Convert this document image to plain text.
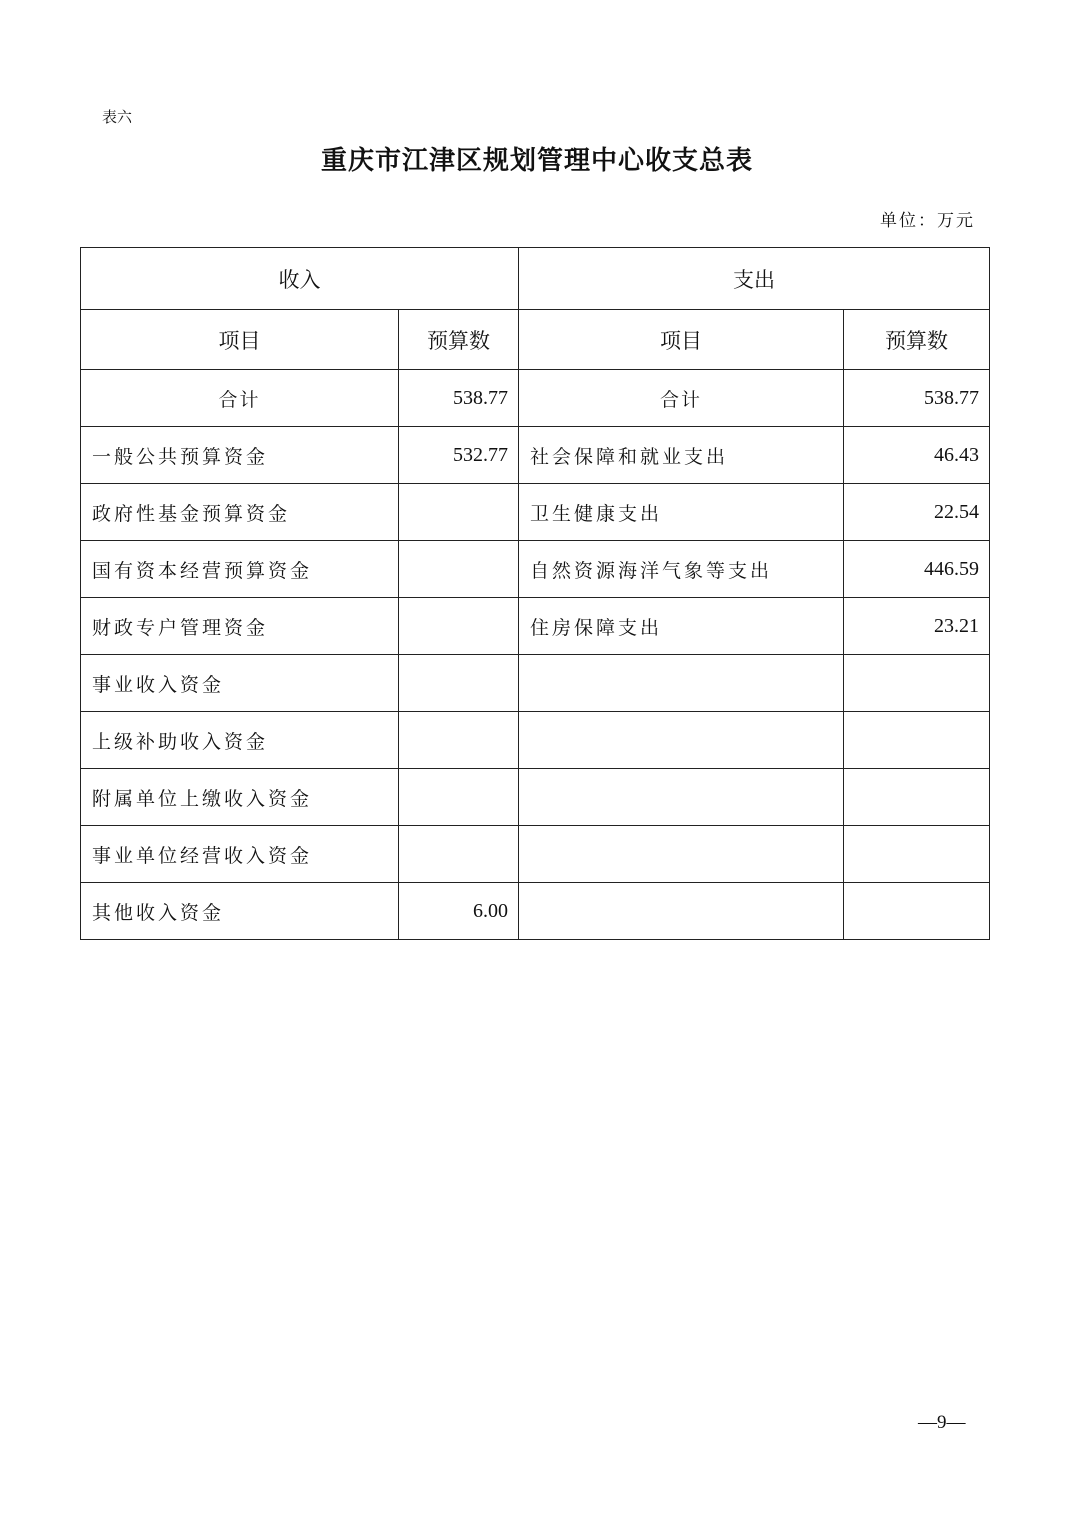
表六
重庆市江津区规划管理中心收支总表
单位：万元
收入		支出	
项目	预算数	项目	预算数
合计	538.77	合计	538.77
一般公共预算资金	532.77	社会保障和就业支出	46.43
政府性基金预算资金		卫生健康支出	22.54
国有资本经营预算资金		自然资源海洋气象等支出	446.59
财政专户管理资金		住房保障支出	23.21
事业收入资金			
上级补助收入资金			
附属单位上缴收入资金			
事业单位经营收入资金			
其他收入资金	6.00		
—9—
